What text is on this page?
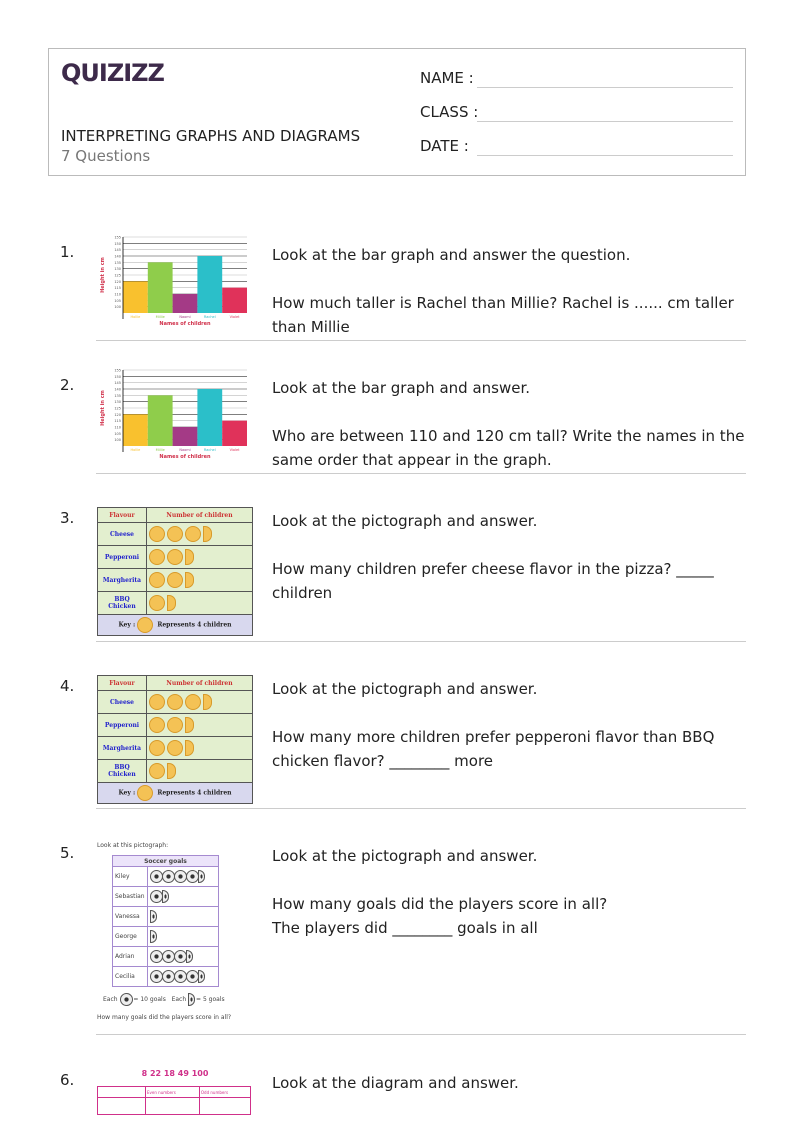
QUIZIZZ
INTERPRETING GRAPHS AND DIAGRAMS
7 Questions
NAME :
CLASS :
DATE :
1.
100
105
110
115
120
125
130
135
140
145
150
155
Hollie	Millie	Naomi	Rachel	Violet
Names of children
Height in cm
Look at the bar graph and answer the question.
How much taller is Rachel than Millie? Rachel is ...... cm taller than Millie
2.
100
105
110
115
120
125
130
135
140
145
150
155
Hollie	Millie	Naomi	Rachel	Violet
Names of children
Height in cm
Look at the bar graph and answer.
Who are between 110 and 120 cm tall? Write the names in the same order that appear in the graph.
3.	Flavour	Number of children
Cheese	
Pepperoni	
Margherita	
BBQ Chicken	
Key : Represents 4 children	
Look at the pictograph and answer.
How many children prefer cheese flavor in the pizza? _____ children
4.	Flavour	Number of children
Cheese	
Pepperoni	
Margherita	
BBQ Chicken	
Key : Represents 4 children	
Look at the pictograph and answer.
How many more children prefer pepperoni flavor than BBQ chicken flavor? ________ more
5.	Look at this pictograph:
Soccer goals	
Kiley	
Sebastian	
Vanessa	
George	
Adrian	
Cecilia	
Each	= 10 goals Each = 5 goals
How many goals did the players score in all?
Look at the pictograph and answer.
How many goals did the players score in all?
The players did ________ goals in all
6.	8 22 18 49 100
	Even numbers	Odd numbers
			Look at the diagram and answer.
